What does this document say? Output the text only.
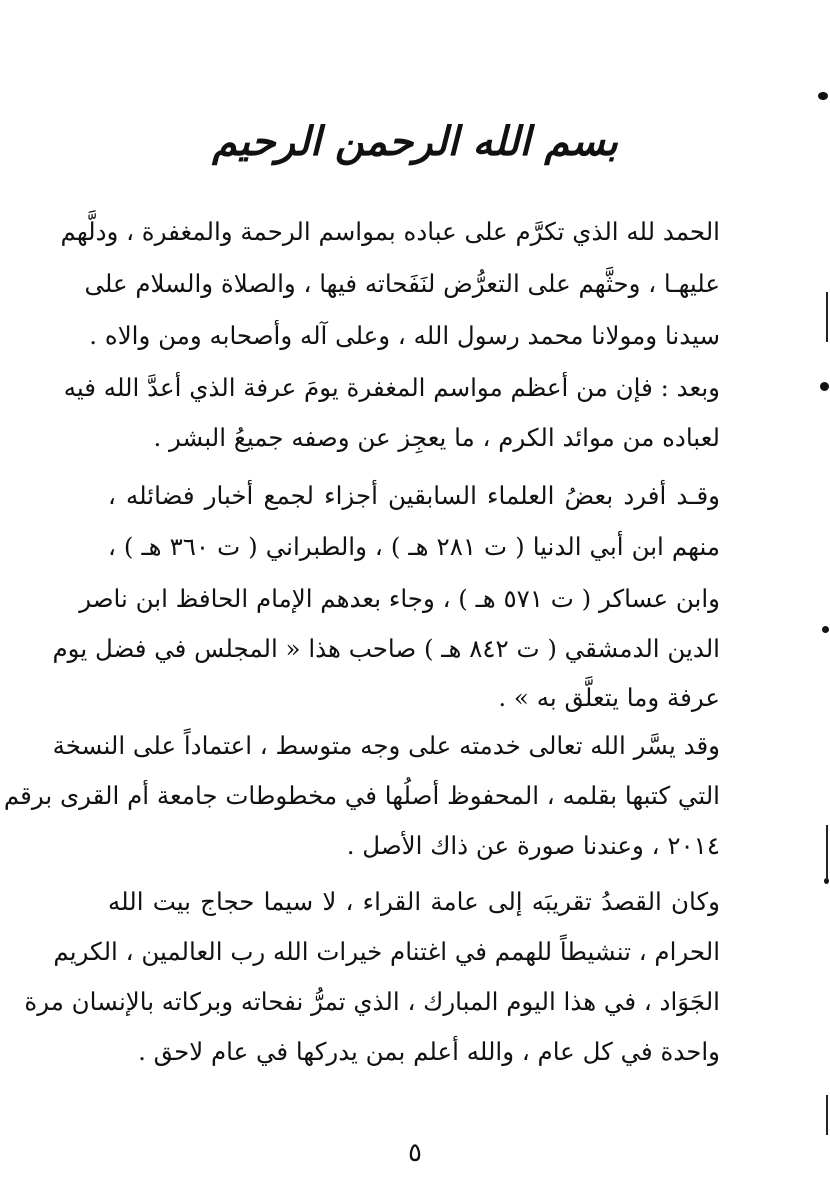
بسم الله الرحمن الرحيم
الحمد لله الذي تكرَّم على عباده بمواسم الرحمة والمغفرة ، ودلَّهم
عليهـا ، وحثَّهم على التعرُّض لنَفَحاته فيها ، والصلاة والسلام على
سيدنا ومولانا محمد رسول الله ، وعلى آله وأصحابه ومن والاه .
وبعد : فإن من أعظم مواسم المغفرة يومَ عرفة الذي أعدَّ الله فيه
لعباده من موائد الكرم ، ما يعجِز عن وصفه جميعُ البشر .
وقـد أفرد بعضُ العلماء السابقين أجزاء لجمع أخبار فضائله ،
منهم ابن أبي الدنيا ( ت ٢٨١ هـ ) ، والطبراني ( ت ٣٦٠ هـ ) ،
وابن عساكر ( ت ٥٧١ هـ ) ، وجاء بعدهم الإمام الحافظ ابن ناصر
الدين الدمشقي ( ت ٨٤٢ هـ ) صاحب هذا « المجلس في فضل يوم
عرفة وما يتعلَّق به » .
وقد يسَّر الله تعالى خدمته على وجه متوسط ، اعتماداً على النسخة
التي كتبها بقلمه ، المحفوظ أصلُها في مخطوطات جامعة أم القرى برقم
٢٠١٤ ، وعندنا صورة عن ذاك الأصل .
وكان القصدُ تقريبَه إلى عامة القراء ، لا سيما حجاج بيت الله
الحرام ، تنشيطاً للهمم في اغتنام خيرات الله رب العالمين ، الكريم
الجَوَاد ، في هذا اليوم المبارك ، الذي تمرُّ نفحاته وبركاته بالإنسان مرة
واحدة في كل عام ، والله أعلم بمن يدركها في عام لاحق .
٥
